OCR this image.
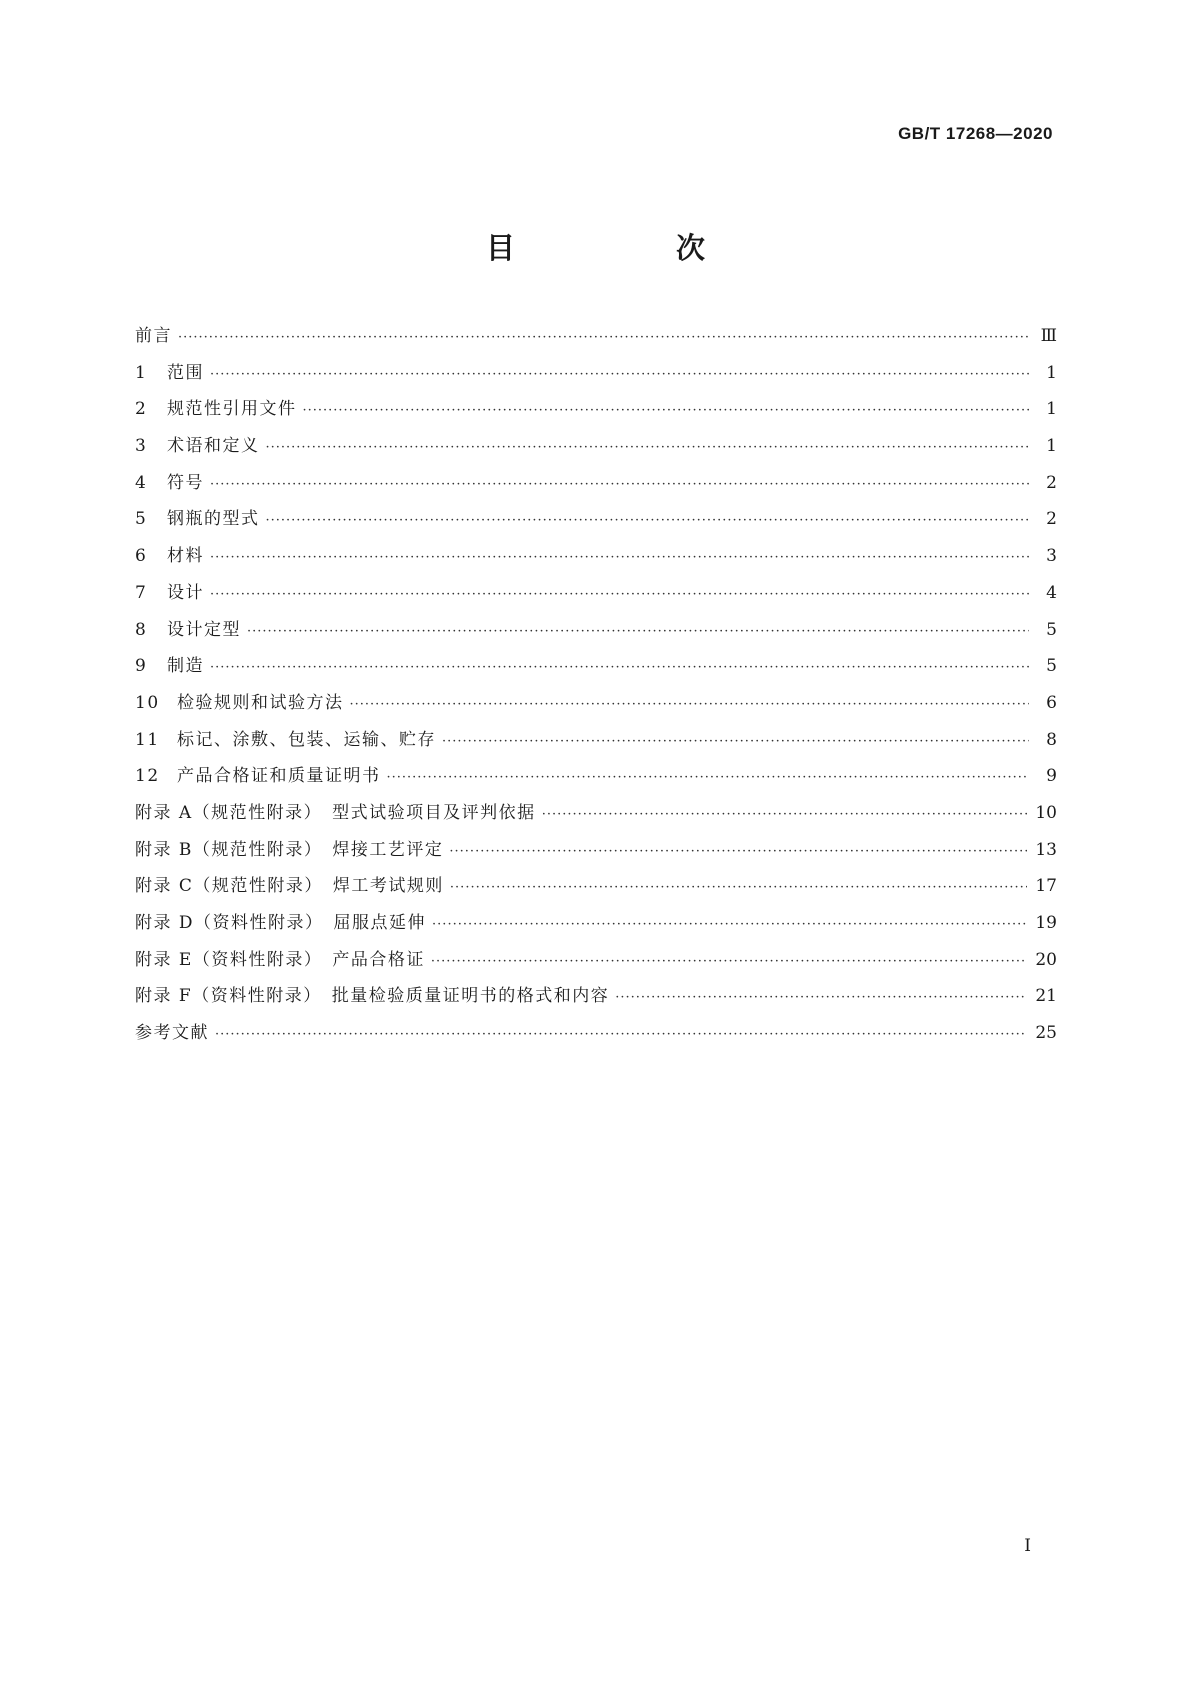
GB/T 17268—2020
目　次
前言 ·····	Ⅲ
1 范围 ·····	1
2 规范性引用文件 ·····	1
3 术语和定义 ·····	1
4 符号 ·····	2
5 钢瓶的型式 ·····	2
6 材料 ·····	3
7 设计 ·····	4
8 设计定型 ·····	5
9 制造 ·····	5
10 检验规则和试验方法 ·····	6
11 标记、涂敷、包装、运输、贮存 ·····	8
12 产品合格证和质量证明书 ·····	9
附录 A（规范性附录）　型式试验项目及评判依据 ·····	10
附录 B（规范性附录）　焊接工艺评定 ·····	13
附录 C（规范性附录）　焊工考试规则 ·····	17
附录 D（资料性附录）　屈服点延伸 ·····	19
附录 E（资料性附录）　产品合格证 ·····	20
附录 F（资料性附录）　批量检验质量证明书的格式和内容 ·····	21
参考文献 ·····	25
I
